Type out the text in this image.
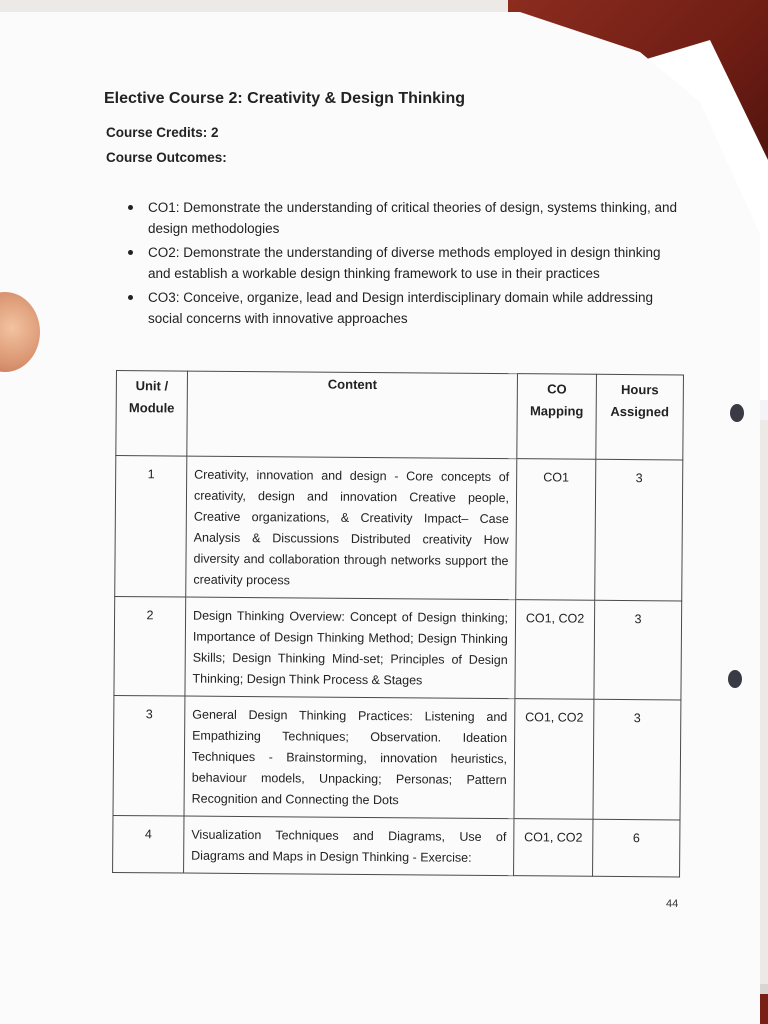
Elective Course 2: Creativity & Design Thinking
Course Credits: 2
Course Outcomes:
CO1: Demonstrate the understanding of critical theories of design, systems thinking, and design methodologies
CO2: Demonstrate the understanding of diverse methods employed in design thinking and establish a workable design thinking framework to use in their practices
CO3: Conceive, organize, lead and Design interdisciplinary domain while addressing social concerns with innovative approaches
Unit / Module	Content	CO Mapping	Hours Assigned
1	Creativity, innovation and design - Core concepts of creativity, design and innovation Creative people, Creative organizations, & Creativity Impact– Case Analysis & Discussions Distributed creativity How diversity and collaboration through networks support the creativity process	CO1	3
2	Design Thinking Overview: Concept of Design thinking; Importance of Design Thinking Method; Design Thinking Skills; Design Thinking Mind-set; Principles of Design Thinking; Design Think Process & Stages	CO1, CO2	3
3	General Design Thinking Practices: Listening and Empathizing Techniques; Observation. Ideation Techniques - Brainstorming, innovation heuristics, behaviour models, Unpacking; Personas; Pattern Recognition and Connecting the Dots	CO1, CO2	3
4	Visualization Techniques and Diagrams, Use of Diagrams and Maps in Design Thinking - Exercise:	CO1, CO2	6
44
